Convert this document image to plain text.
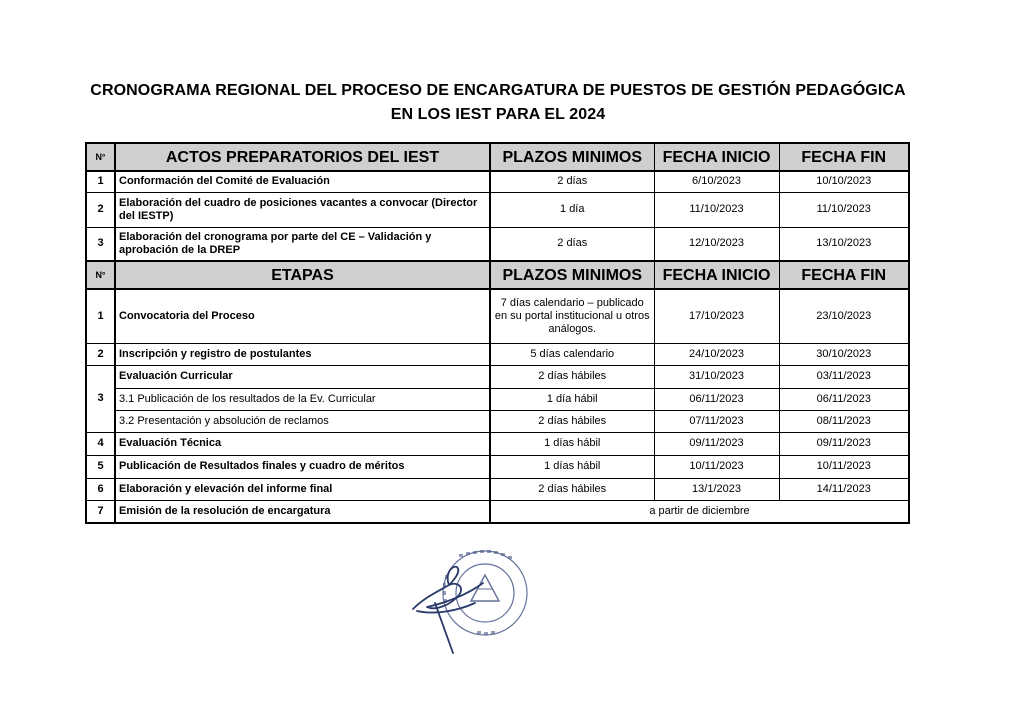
CRONOGRAMA REGIONAL DEL PROCESO DE ENCARGATURA DE PUESTOS DE GESTIÓN PEDAGÓGICA
EN LOS IEST PARA EL 2024
N°	ACTOS PREPARATORIOS DEL IEST	PLAZOS MINIMOS	FECHA INICIO	FECHA FIN
1	Conformación del Comité de Evaluación	2 días	6/10/2023	10/10/2023
2	Elaboración del cuadro de posiciones vacantes a convocar (Director del IESTP)	1 día	11/10/2023	11/10/2023
3	Elaboración del cronograma por parte del CE – Validación y aprobación de la DREP	2 días	12/10/2023	13/10/2023
N°	ETAPAS	PLAZOS MINIMOS	FECHA INICIO	FECHA FIN
1	Convocatoria del Proceso	7 días calendario – publicado en su portal institucional u otros análogos.	17/10/2023	23/10/2023
2	Inscripción y registro de postulantes	5 días calendario	24/10/2023	30/10/2023
3	Evaluación Curricular	2 días hábiles	31/10/2023	03/11/2023
	3.1 Publicación de los resultados de la Ev. Curricular	1 día hábil	06/11/2023	06/11/2023
	3.2 Presentación y absolución de reclamos	2 días hábiles	07/11/2023	08/11/2023
4	Evaluación Técnica	1 días hábil	09/11/2023	09/11/2023
5	Publicación de Resultados finales y cuadro de méritos	1 días hábil	10/11/2023	10/11/2023
6	Elaboración y elevación del informe final	2 días hábiles	13/1/2023	14/11/2023
7	Emisión de la resolución de encargatura	a partir de diciembre		
